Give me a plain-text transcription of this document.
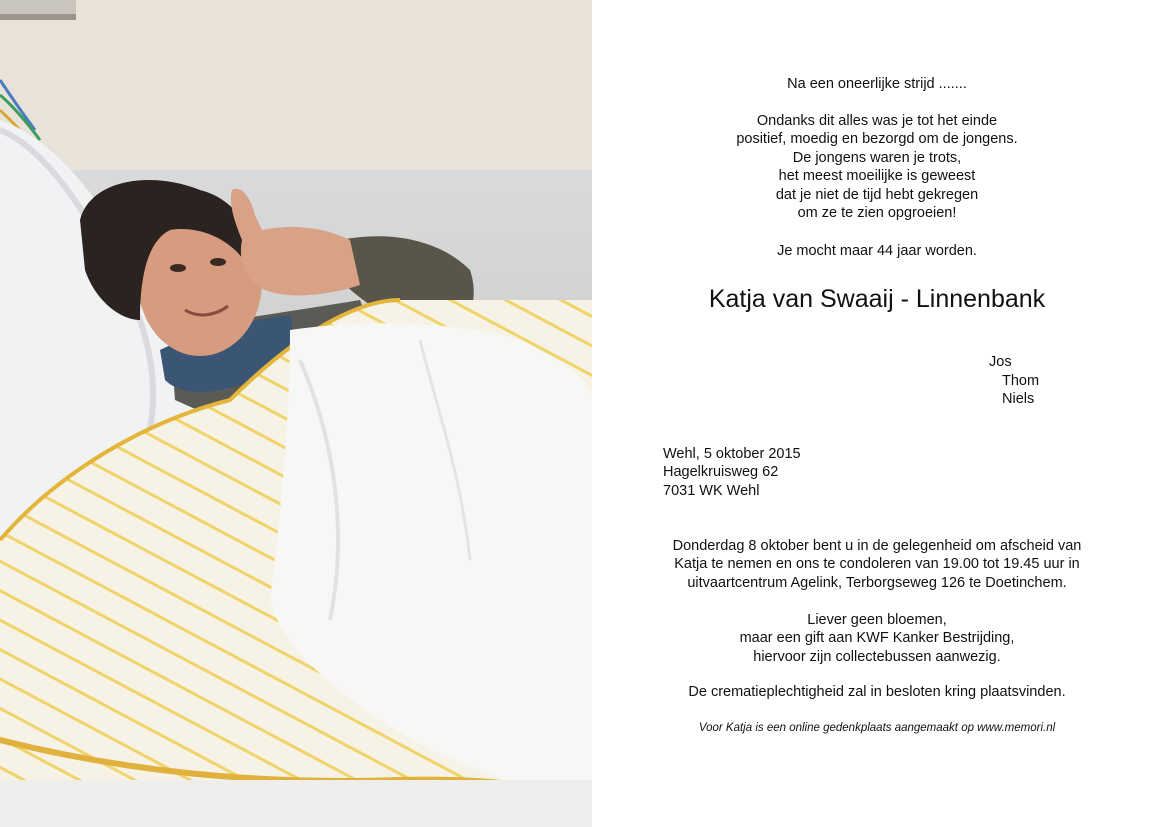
Na een oneerlijke strijd .......

Ondanks dit alles was je tot het einde

positief, moedig en bezorgd om de jongens.

De jongens waren je trots,

het meest moeilijke is geweest

dat je niet de tijd hebt gekregen

om ze te zien opgroeien!

Je mocht maar 44 jaar worden.

Katja van Swaaij - Linnenbank

Jos

Thom

Niels

Wehl, 5 oktober 2015

Hagelkruisweg 62

7031 WK Wehl

Donderdag 8 oktober bent u in de gelegenheid om afscheid van

Katja te nemen en ons te condoleren van 19.00 tot 19.45 uur in

uitvaartcentrum Agelink, Terborgseweg 126 te Doetinchem.

Liever geen bloemen,

maar een gift aan KWF Kanker Bestrijding,

hiervoor zijn collectebussen aanwezig.

De crematieplechtigheid zal in besloten kring plaatsvinden.

Voor Katja is een online gedenkplaats aangemaakt op www.memori.nl
